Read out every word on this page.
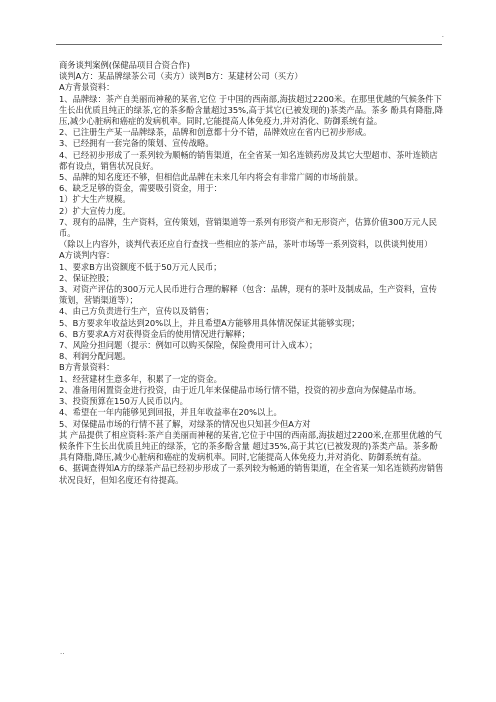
.

商务谈判案例(保健品项目合资合作)

谈判A方：某品牌绿茶公司（卖方）谈判B方：某建材公司（买方）

A方背景资料：

1、品牌绿：茶产自美丽而神秘的某省,它位 于中国的西南部,海拔超过2200米。在那里优越的气候条件下生长出优质且纯正的绿茶,它的茶多酚含量超过35%,高于其它(已被发现的)茶类产品。茶多 酚具有降脂,降压,减少心脏病和癌症的发病机率。同时,它能提高人体免疫力,并对消化、防御系统有益。

2、已注册生产某一品牌绿茶，品牌和创意都十分不错，品牌效应在省内已初步形成。

3、已经拥有一套完备的策划、宣传战略。

4、已经初步形成了一系列较为顺畅的销售渠道，在全省某一知名连锁药房及其它大型超市、茶叶连锁店都有设点，销售状况良好。

5、品牌的知名度还不够，但相信此品牌在未来几年内将会有非常广阔的市场前景。

6、缺乏足够的资金，需要吸引资金，用于：

1）扩大生产规模。

2）扩大宣传力度。

7、现有的品牌，生产资料，宣传策划，营销渠道等一系列有形资产和无形资产，估算价值300万元人民币。

（除以上内容外，谈判代表还应自行查找一些相应的茶产品，茶叶市场等一系列资料，以供谈判使用）

A方谈判内容：

1、要求B方出资额度不低于50万元人民币；

2、保证控股；

3、对资产评估的300万元人民币进行合理的解释（包含：品牌，现有的茶叶及制成品，生产资料，宣传策划，营销渠道等）；

4、由己方负责进行生产，宣传以及销售；

5、B方要求年收益达到20%以上，并且希望A方能够用具体情况保证其能够实现；

6、B方要求A方对获得资金后的使用情况进行解释；

7、风险分担问题（提示：例如可以购买保险，保险费用可计入成本）；

8、利润分配问题。

B方背景资料：

1、经营建材生意多年，积累了一定的资金。

2、准备用闲置资金进行投资，由于近几年来保健品市场行情不错，投资的初步意向为保健品市场。

3、投资预算在150万人民币以内。

4、希望在一年内能够见到回报，并且年收益率在20%以上。

5、对保健品市场的行情不甚了解，对绿茶的情况也只知甚少但A方对

其 产品提供了相应资料:茶产自美丽而神秘的某省,它位于中国的西南部,海拔超过2200米,在那里优越的气候条件下生长出优质且纯正的绿茶，它的茶多酚含量 超过35%,高于其它(已被发现的)茶类产品。茶多酚具有降脂,降压,减少心脏病和癌症的发病机率。同时,它能提高人体免疫力,并对消化、防御系统有益。

6、据调查得知A方的绿茶产品已经初步形成了一系列较为畅通的销售渠道，在全省某一知名连锁药房销售状况良好，但知名度还有待提高。

..
